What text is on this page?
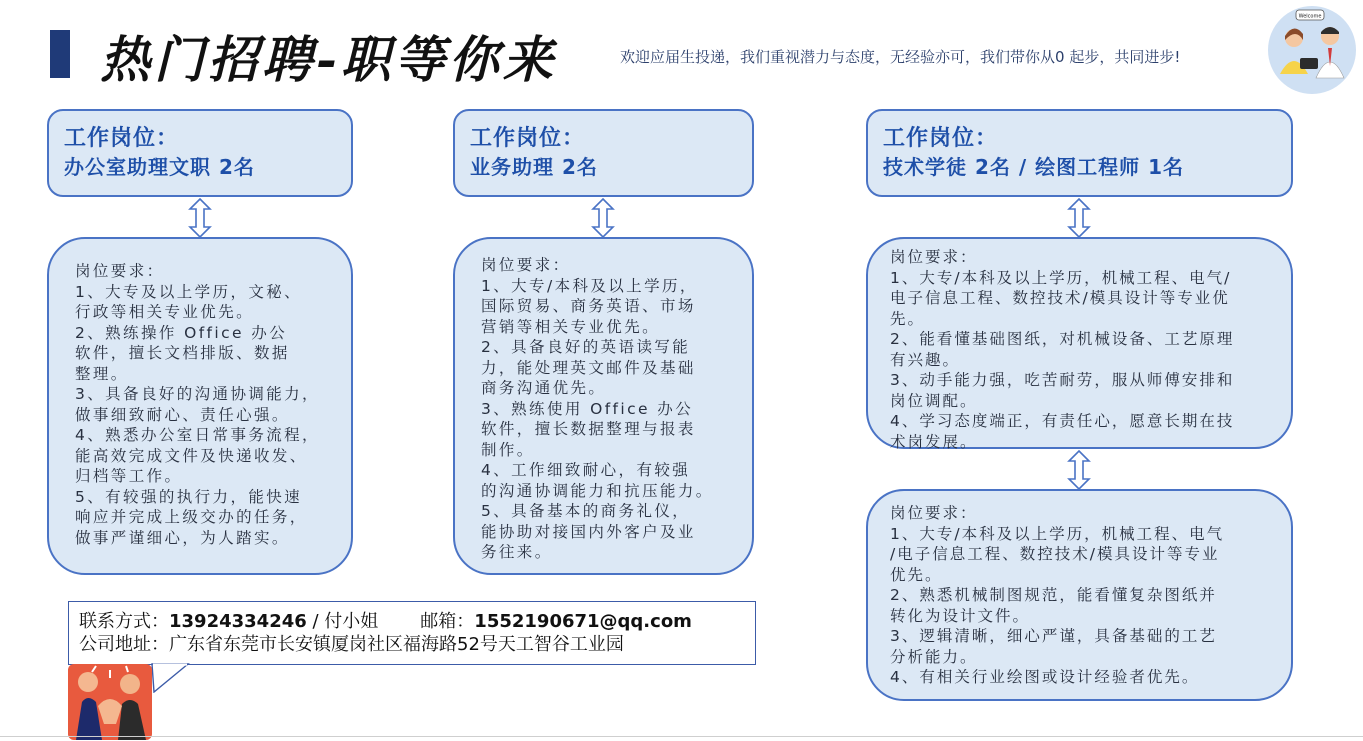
热门招聘-职等你来	欢迎应届生投递，我们重视潜力与态度，无经验亦可，我们带你从0 起步，共同进步!
Welcome
工作岗位：
办公室助理文职 2名
岗位要求：
1、大专及以上学历，文秘、
行政等相关专业优先。
2、熟练操作 Office 办公
软件，擅长文档排版、数据
整理。
3、具备良好的沟通协调能力，
做事细致耐心、责任心强。
4、熟悉办公室日常事务流程，
能高效完成文件及快递收发、
归档等工作。
5、有较强的执行力，能快速
响应并完成上级交办的任务，
做事严谨细心，为人踏实。
工作岗位：
业务助理 2名
岗位要求：
1、大专/本科及以上学历，
国际贸易、商务英语、市场
营销等相关专业优先。
2、具备良好的英语读写能
力，能处理英文邮件及基础
商务沟通优先。
3、熟练使用 Office 办公
软件，擅长数据整理与报表
制作。
4、工作细致耐心，有较强
的沟通协调能力和抗压能力。
5、具备基本的商务礼仪，
能协助对接国内外客户及业
务往来。
工作岗位：
技术学徒 2名 / 绘图工程师 1名
岗位要求：
1、大专/本科及以上学历，机械工程、电气/
电子信息工程、数控技术/模具设计等专业优
先。
2、能看懂基础图纸，对机械设备、工艺原理
有兴趣。
3、动手能力强，吃苦耐劳，服从师傅安排和
岗位调配。
4、学习态度端正，有责任心，愿意长期在技
术岗发展。
岗位要求：
1、大专/本科及以上学历，机械工程、电气
/电子信息工程、数控技术/模具设计等专业
优先。
2、熟悉机械制图规范，能看懂复杂图纸并
转化为设计文件。
3、逻辑清晰，细心严谨，具备基础的工艺
分析能力。
4、有相关行业绘图或设计经验者优先。
联系方式：13924334246 / 付小姐 邮箱：1552190671@qq.com
公司地址：广东省东莞市长安镇厦岗社区福海路52号天工智谷工业园
